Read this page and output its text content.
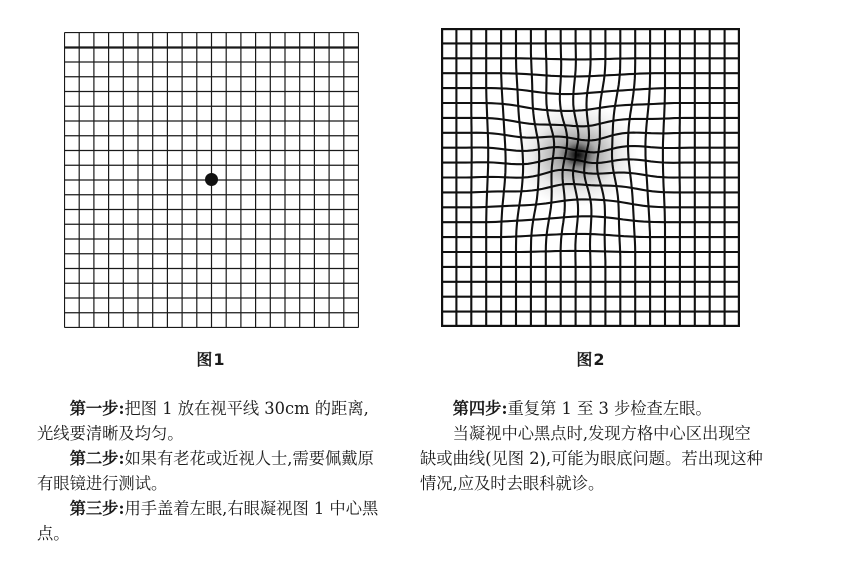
图1	图2

第一步:把图 1 放在视平线 30cm 的距离,光线要清晰及均匀。

第二步:如果有老花或近视人士,需要佩戴原有眼镜进行测试。

第三步:用手盖着左眼,右眼凝视图 1 中心黑点。

第四步:重复第 1 至 3 步检查左眼。

当凝视中心黑点时,发现方格中心区出现空缺或曲线(见图 2),可能为眼底问题。若出现这种情况,应及时去眼科就诊。
